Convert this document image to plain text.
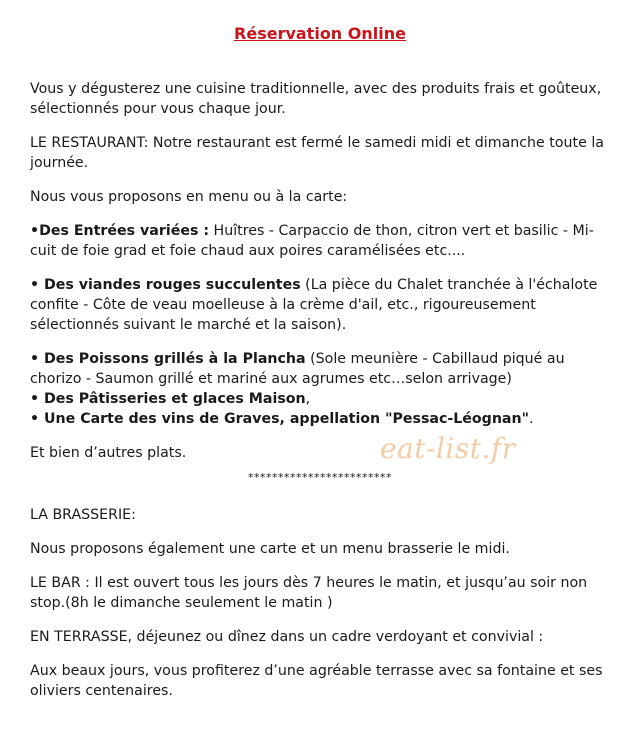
Réservation Online

Vous y dégusterez une cuisine traditionnelle, avec des produits frais et goûteux, sélectionnés pour vous chaque jour.

LE RESTAURANT: Notre restaurant est fermé le samedi midi et dimanche toute la journée.

Nous vous proposons en menu ou à la carte:

•Des Entrées variées : Huîtres - Carpaccio de thon, citron vert et basilic - Mi-cuit de foie grad et foie chaud aux poires caramélisées etc....

• Des viandes rouges succulentes (La pièce du Chalet tranchée à l'échalote confite - Côte de veau moelleuse à la crème d'ail, etc., rigoureusement sélectionnés suivant le marché et la saison).

• Des Poissons grillés à la Plancha (Sole meunière - Cabillaud piqué au chorizo - Saumon grillé et mariné aux agrumes etc…selon arrivage)

• Des Pâtisseries et glaces Maison,

• Une Carte des vins de Graves, appellation "Pessac-Léognan".

Et bien d’autres plats.

************************

LA BRASSERIE:

Nous proposons également une carte et un menu brasserie le midi.

LE BAR : Il est ouvert tous les jours dès 7 heures le matin, et jusqu’au soir non stop.(8h le dimanche seulement le matin )

EN TERRASSE, déjeunez ou dînez dans un cadre verdoyant et convivial :

Aux beaux jours, vous profiterez d’une agréable terrasse avec sa fontaine et ses oliviers centenaires.

eat-list.fr
